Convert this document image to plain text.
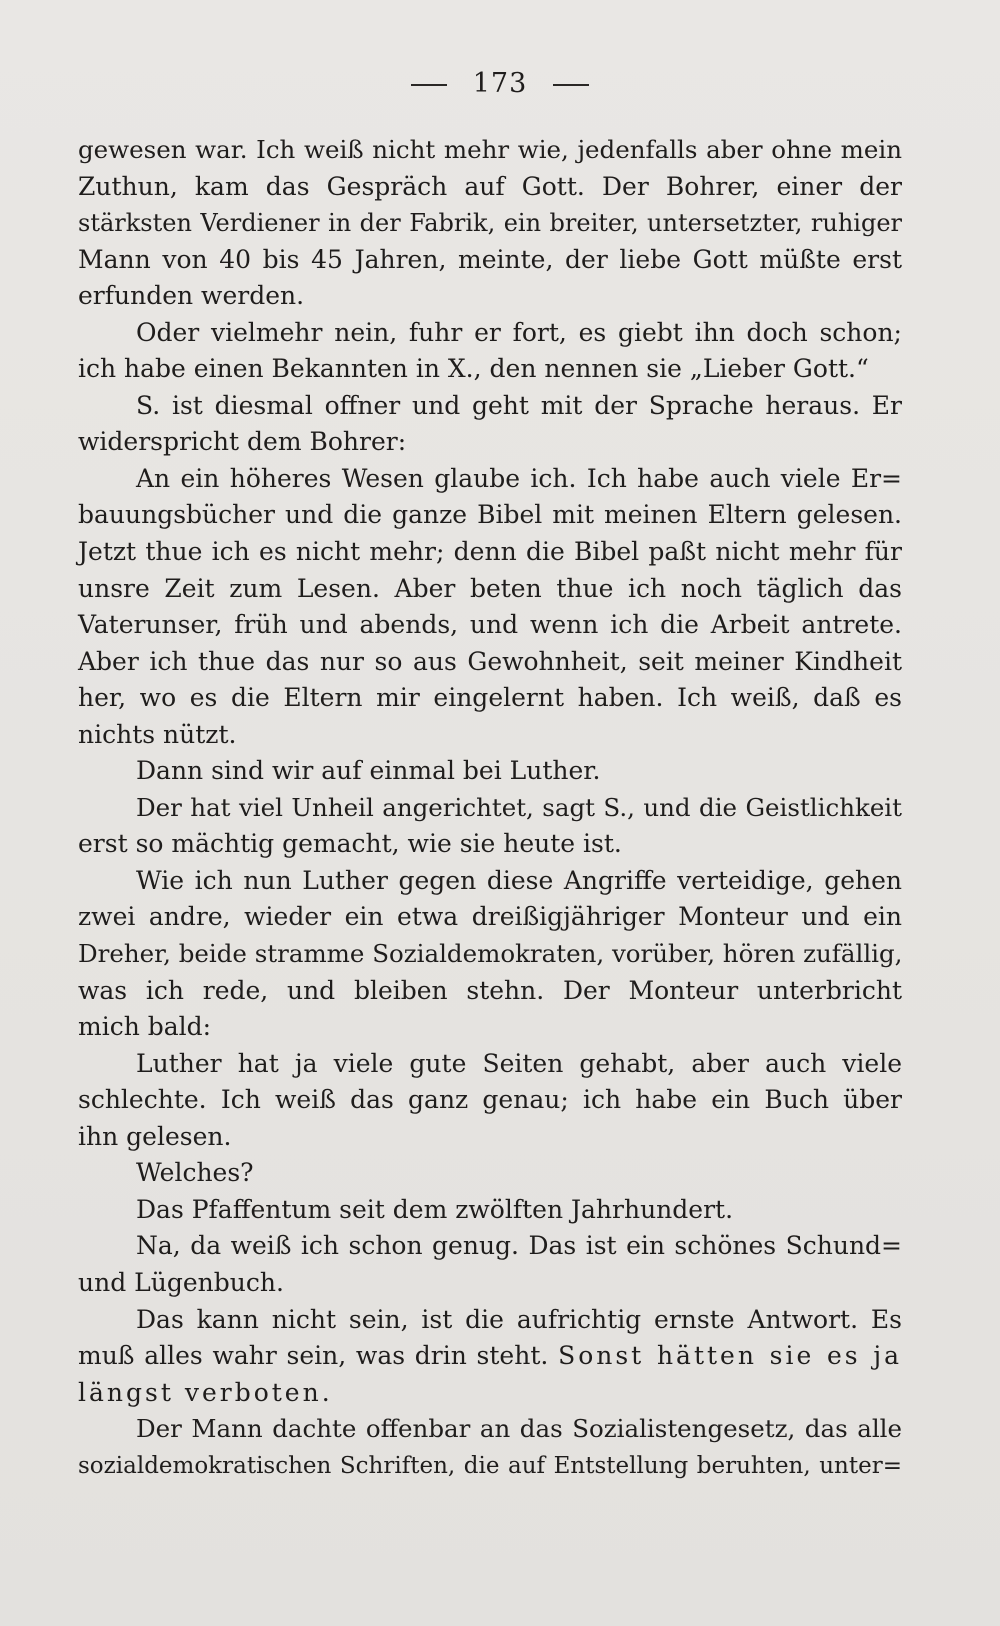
173
gewesen war. Ich weiß nicht mehr wie, jedenfalls aber ohne mein
Zuthun, kam das Gespräch auf Gott. Der Bohrer, einer der
stärksten Verdiener in der Fabrik, ein breiter, untersetzter, ruhiger
Mann von 40 bis 45 Jahren, meinte, der liebe Gott müßte erst
erfunden werden.
Oder vielmehr nein, fuhr er fort, es giebt ihn doch schon;
ich habe einen Bekannten in X., den nennen sie „Lieber Gott.“
S. ist diesmal offner und geht mit der Sprache heraus. Er
widerspricht dem Bohrer:
An ein höheres Wesen glaube ich. Ich habe auch viele Er=
bauungsbücher und die ganze Bibel mit meinen Eltern gelesen.
Jetzt thue ich es nicht mehr; denn die Bibel paßt nicht mehr für
unsre Zeit zum Lesen. Aber beten thue ich noch täglich das
Vaterunser, früh und abends, und wenn ich die Arbeit antrete.
Aber ich thue das nur so aus Gewohnheit, seit meiner Kindheit
her, wo es die Eltern mir eingelernt haben. Ich weiß, daß es
nichts nützt.
Dann sind wir auf einmal bei Luther.
Der hat viel Unheil angerichtet, sagt S., und die Geistlichkeit
erst so mächtig gemacht, wie sie heute ist.
Wie ich nun Luther gegen diese Angriffe verteidige, gehen
zwei andre, wieder ein etwa dreißigjähriger Monteur und ein
Dreher, beide stramme Sozialdemokraten, vorüber, hören zufällig,
was ich rede, und bleiben stehn. Der Monteur unterbricht
mich bald:
Luther hat ja viele gute Seiten gehabt, aber auch viele
schlechte. Ich weiß das ganz genau; ich habe ein Buch über
ihn gelesen.
Welches?
Das Pfaffentum seit dem zwölften Jahrhundert.
Na, da weiß ich schon genug. Das ist ein schönes Schund=
und Lügenbuch.
Das kann nicht sein, ist die aufrichtig ernste Antwort. Es
muß alles wahr sein, was drin steht. Sonst hätten sie es ja
längst verboten.
Der Mann dachte offenbar an das Sozialistengesetz, das alle
sozialdemokratischen Schriften, die auf Entstellung beruhten, unter=
